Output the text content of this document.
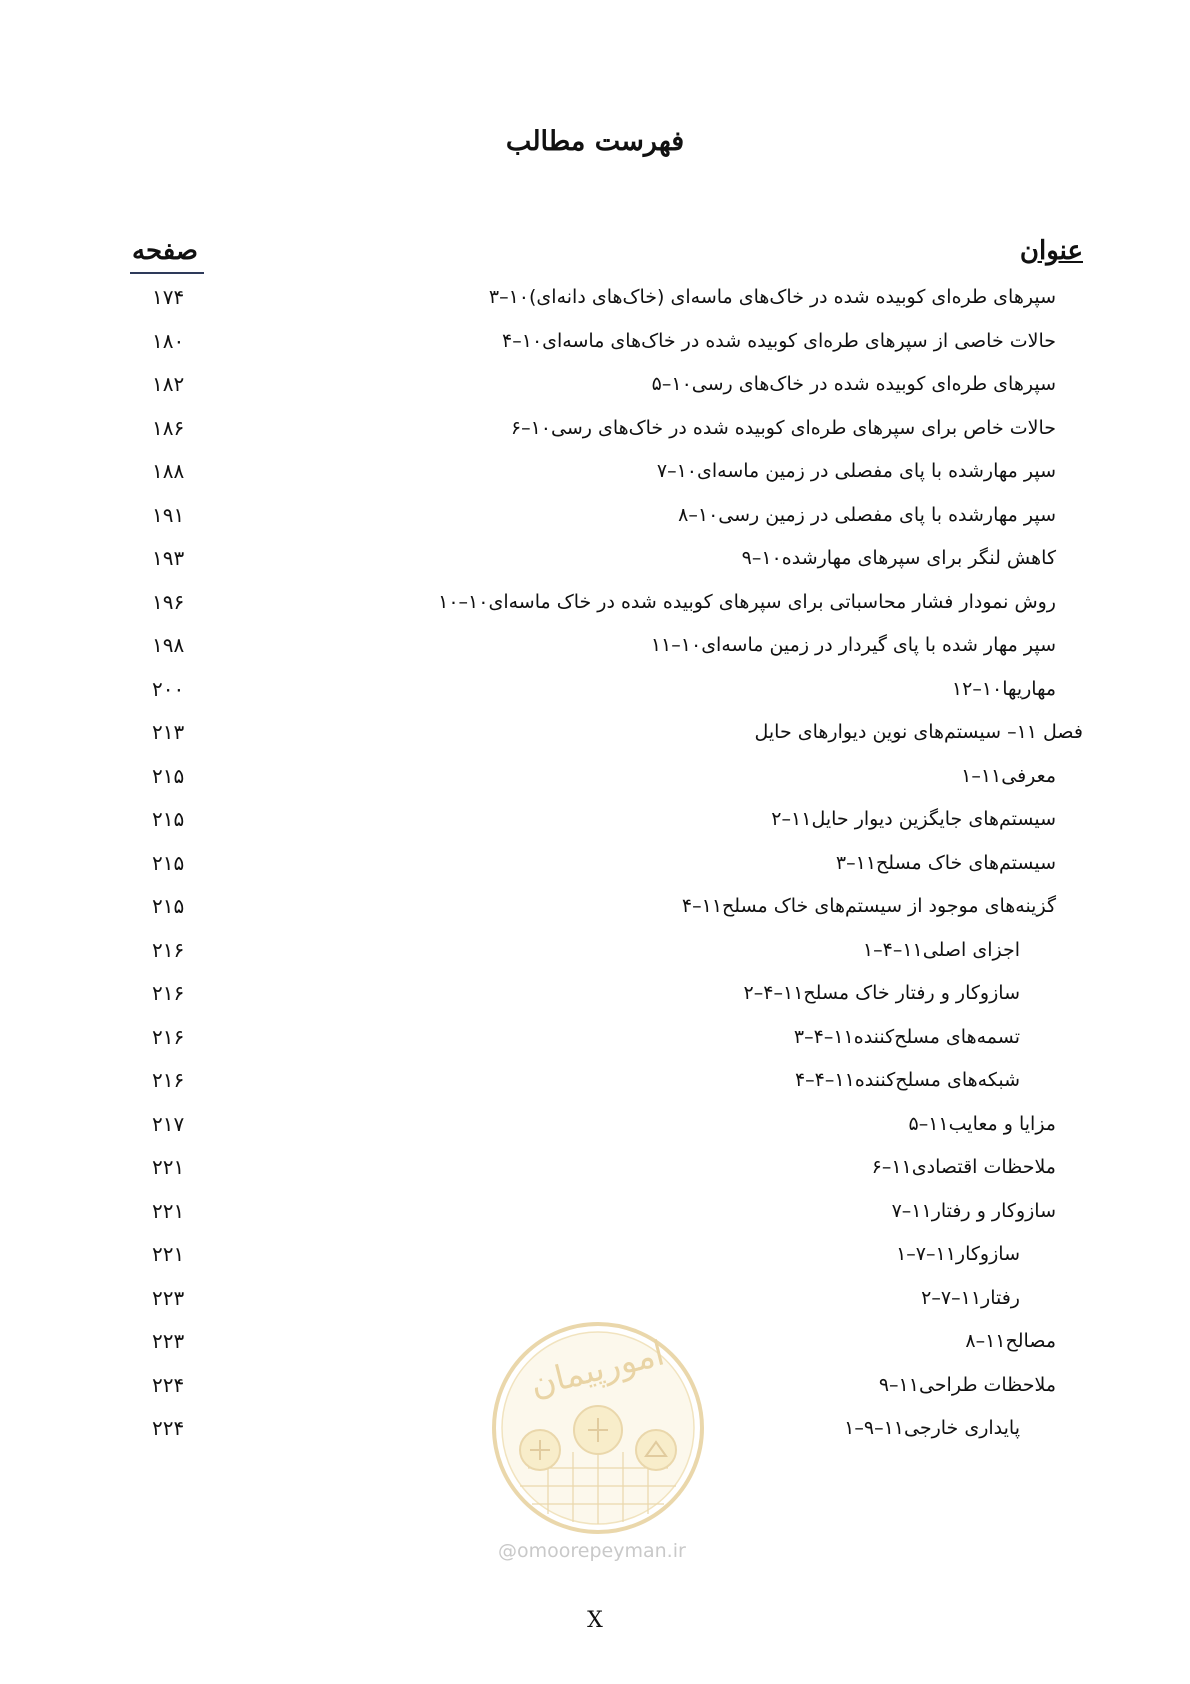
فهرست مطالب
عنوان
صفحه
۱۰–۳ سپرهای طره‌ای کوبیده شده در خاک‌های ماسه‌ای (خاک‌های دانه‌ای)
۱۷۴
۱۰–۴ حالات خاصی از سپرهای طره‌ای کوبیده شده در خاک‌های ماسه‌ای
۱۸۰
۱۰–۵ سپرهای طره‌ای کوبیده شده در خاک‌های رسی
۱۸۲
۱۰–۶ حالات خاص برای سپرهای طره‌ای کوبیده شده در خاک‌های رسی
۱۸۶
۱۰–۷ سپر مهارشده با پای مفصلی در زمین ماسه‌ای
۱۸۸
۱۰–۸ سپر مهارشده با پای مفصلی در زمین رسی
۱۹۱
۱۰–۹ کاهش لنگر برای سپرهای مهارشده
۱۹۳
۱۰–۱۰ روش نمودار فشار محاسباتی برای سپرهای کوبیده شده در خاک ماسه‌ای
۱۹۶
۱۰–۱۱ سپر مهار شده با پای گیردار در زمین ماسه‌ای
۱۹۸
۱۰–۱۲ مهاریها
۲۰۰
فصل ۱۱– سیستم‌های نوین دیوارهای حایل
۲۱۳
۱۱–۱ معرفی
۲۱۵
۱۱–۲ سیستم‌های جایگزین دیوار حایل
۲۱۵
۱۱–۳ سیستم‌های خاک مسلح
۲۱۵
۱۱–۴ گزینه‌های موجود از سیستم‌های خاک مسلح
۲۱۵
۱۱–۴–۱ اجزای اصلی
۲۱۶
۱۱–۴–۲ سازوکار و رفتار خاک مسلح
۲۱۶
۱۱–۴–۳ تسمه‌های مسلح‌کننده
۲۱۶
۱۱–۴–۴ شبکه‌های مسلح‌کننده
۲۱۶
۱۱–۵ مزایا و معایب
۲۱۷
۱۱–۶ ملاحظات اقتصادی
۲۲۱
۱۱–۷ سازوکار و رفتار
۲۲۱
۱۱–۷–۱ سازوکار
۲۲۱
۱۱–۷–۲ رفتار
۲۲۳
۱۱–۸ مصالح
۲۲۳
۱۱–۹ ملاحظات طراحی
۲۲۴
۱۱–۹–۱ پایداری خارجی
۲۲۴
امورپیمان
@omoorepeyman.ir
X
